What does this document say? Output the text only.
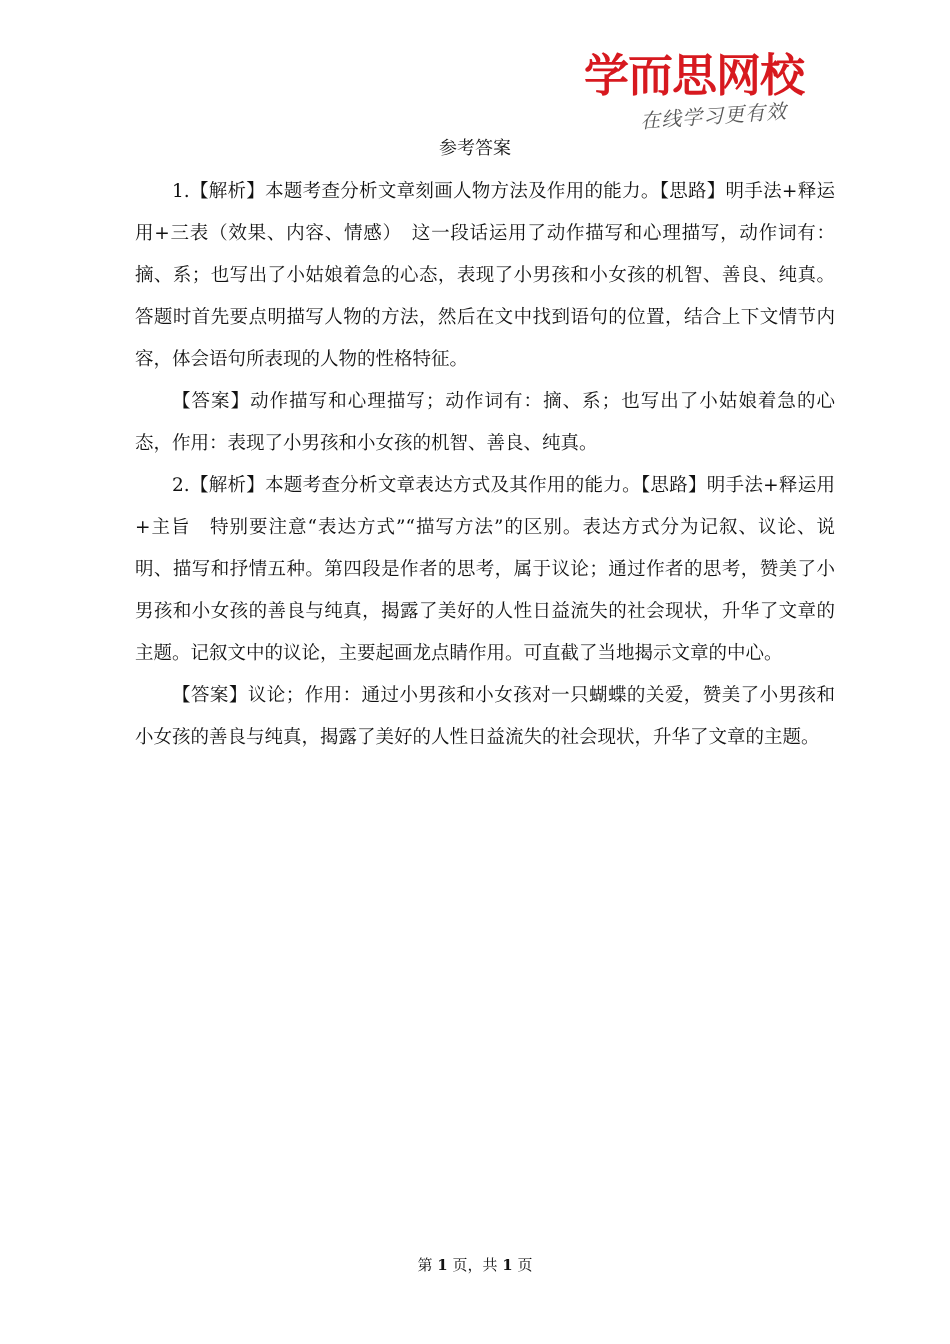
学而思网校
在线学习更有效
参考答案

1.【解析】本题考查分析文章刻画人物方法及作用的能力。【思路】明手法+释运用+三表（效果、内容、情感）　这一段话运用了动作描写和心理描写，动作词有：摘、系；也写出了小姑娘着急的心态，表现了小男孩和小女孩的机智、善良、纯真。答题时首先要点明描写人物的方法，然后在文中找到语句的位置，结合上下文情节内容，体会语句所表现的人物的性格特征。

【答案】动作描写和心理描写；动作词有：摘、系；也写出了小姑娘着急的心态，作用：表现了小男孩和小女孩的机智、善良、纯真。

2.【解析】本题考查分析文章表达方式及其作用的能力。【思路】明手法+释运用+主旨　特别要注意“表达方式”“描写方法”的区别。表达方式分为记叙、议论、说明、描写和抒情五种。第四段是作者的思考，属于议论；通过作者的思考，赞美了小男孩和小女孩的善良与纯真，揭露了美好的人性日益流失的社会现状，升华了文章的主题。记叙文中的议论，主要起画龙点睛作用。可直截了当地揭示文章的中心。

【答案】议论；作用：通过小男孩和小女孩对一只蝴蝶的关爱，赞美了小男孩和小女孩的善良与纯真，揭露了美好的人性日益流失的社会现状，升华了文章的主题。

第 1 页，共 1 页
